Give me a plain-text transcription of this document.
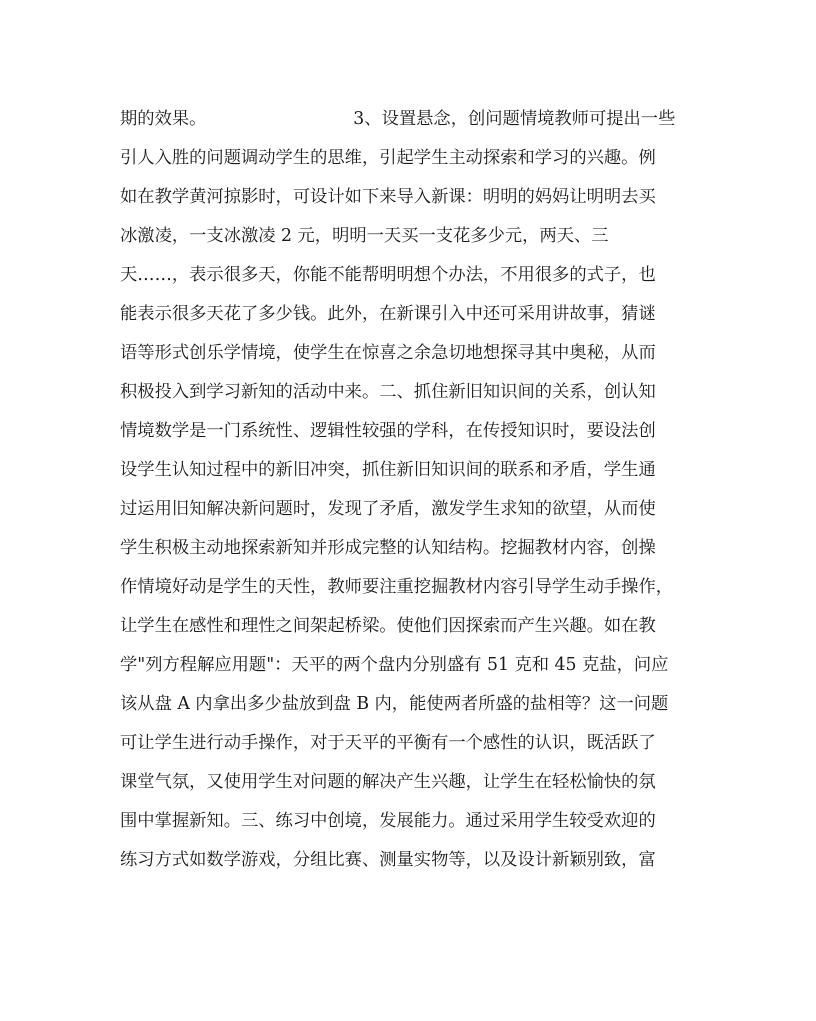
期的效果。　　　　　　　　　3、设置悬念，创问题情境教师可提出一些
引人入胜的问题调动学生的思维，引起学生主动探索和学习的兴趣。例
如在教学黄河掠影时，可设计如下来导入新课：明明的妈妈让明明去买
冰激凌，一支冰激凌 2 元，明明一天买一支花多少元，两天、三
天……，表示很多天，你能不能帮明明想个办法，不用很多的式子，也
能表示很多天花了多少钱。此外，在新课引入中还可采用讲故事，猜谜
语等形式创乐学情境，使学生在惊喜之余急切地想探寻其中奥秘，从而
积极投入到学习新知的活动中来。二、抓住新旧知识间的关系，创认知
情境数学是一门系统性、逻辑性较强的学科，在传授知识时，要设法创
设学生认知过程中的新旧冲突，抓住新旧知识间的联系和矛盾，学生通
过运用旧知解决新问题时，发现了矛盾，激发学生求知的欲望，从而使
学生积极主动地探索新知并形成完整的认知结构。挖掘教材内容，创操
作情境好动是学生的天性，教师要注重挖掘教材内容引导学生动手操作，
让学生在感性和理性之间架起桥梁。使他们因探索而产生兴趣。如在教
学"列方程解应用题"：天平的两个盘内分别盛有 51 克和 45 克盐，问应
该从盘 A 内拿出多少盐放到盘 B 内，能使两者所盛的盐相等？这一问题
可让学生进行动手操作，对于天平的平衡有一个感性的认识，既活跃了
课堂气氛，又使用学生对问题的解决产生兴趣，让学生在轻松愉快的氛
围中掌握新知。三、练习中创境，发展能力。通过采用学生较受欢迎的
练习方式如数学游戏，分组比赛、测量实物等，以及设计新颖别致，富
